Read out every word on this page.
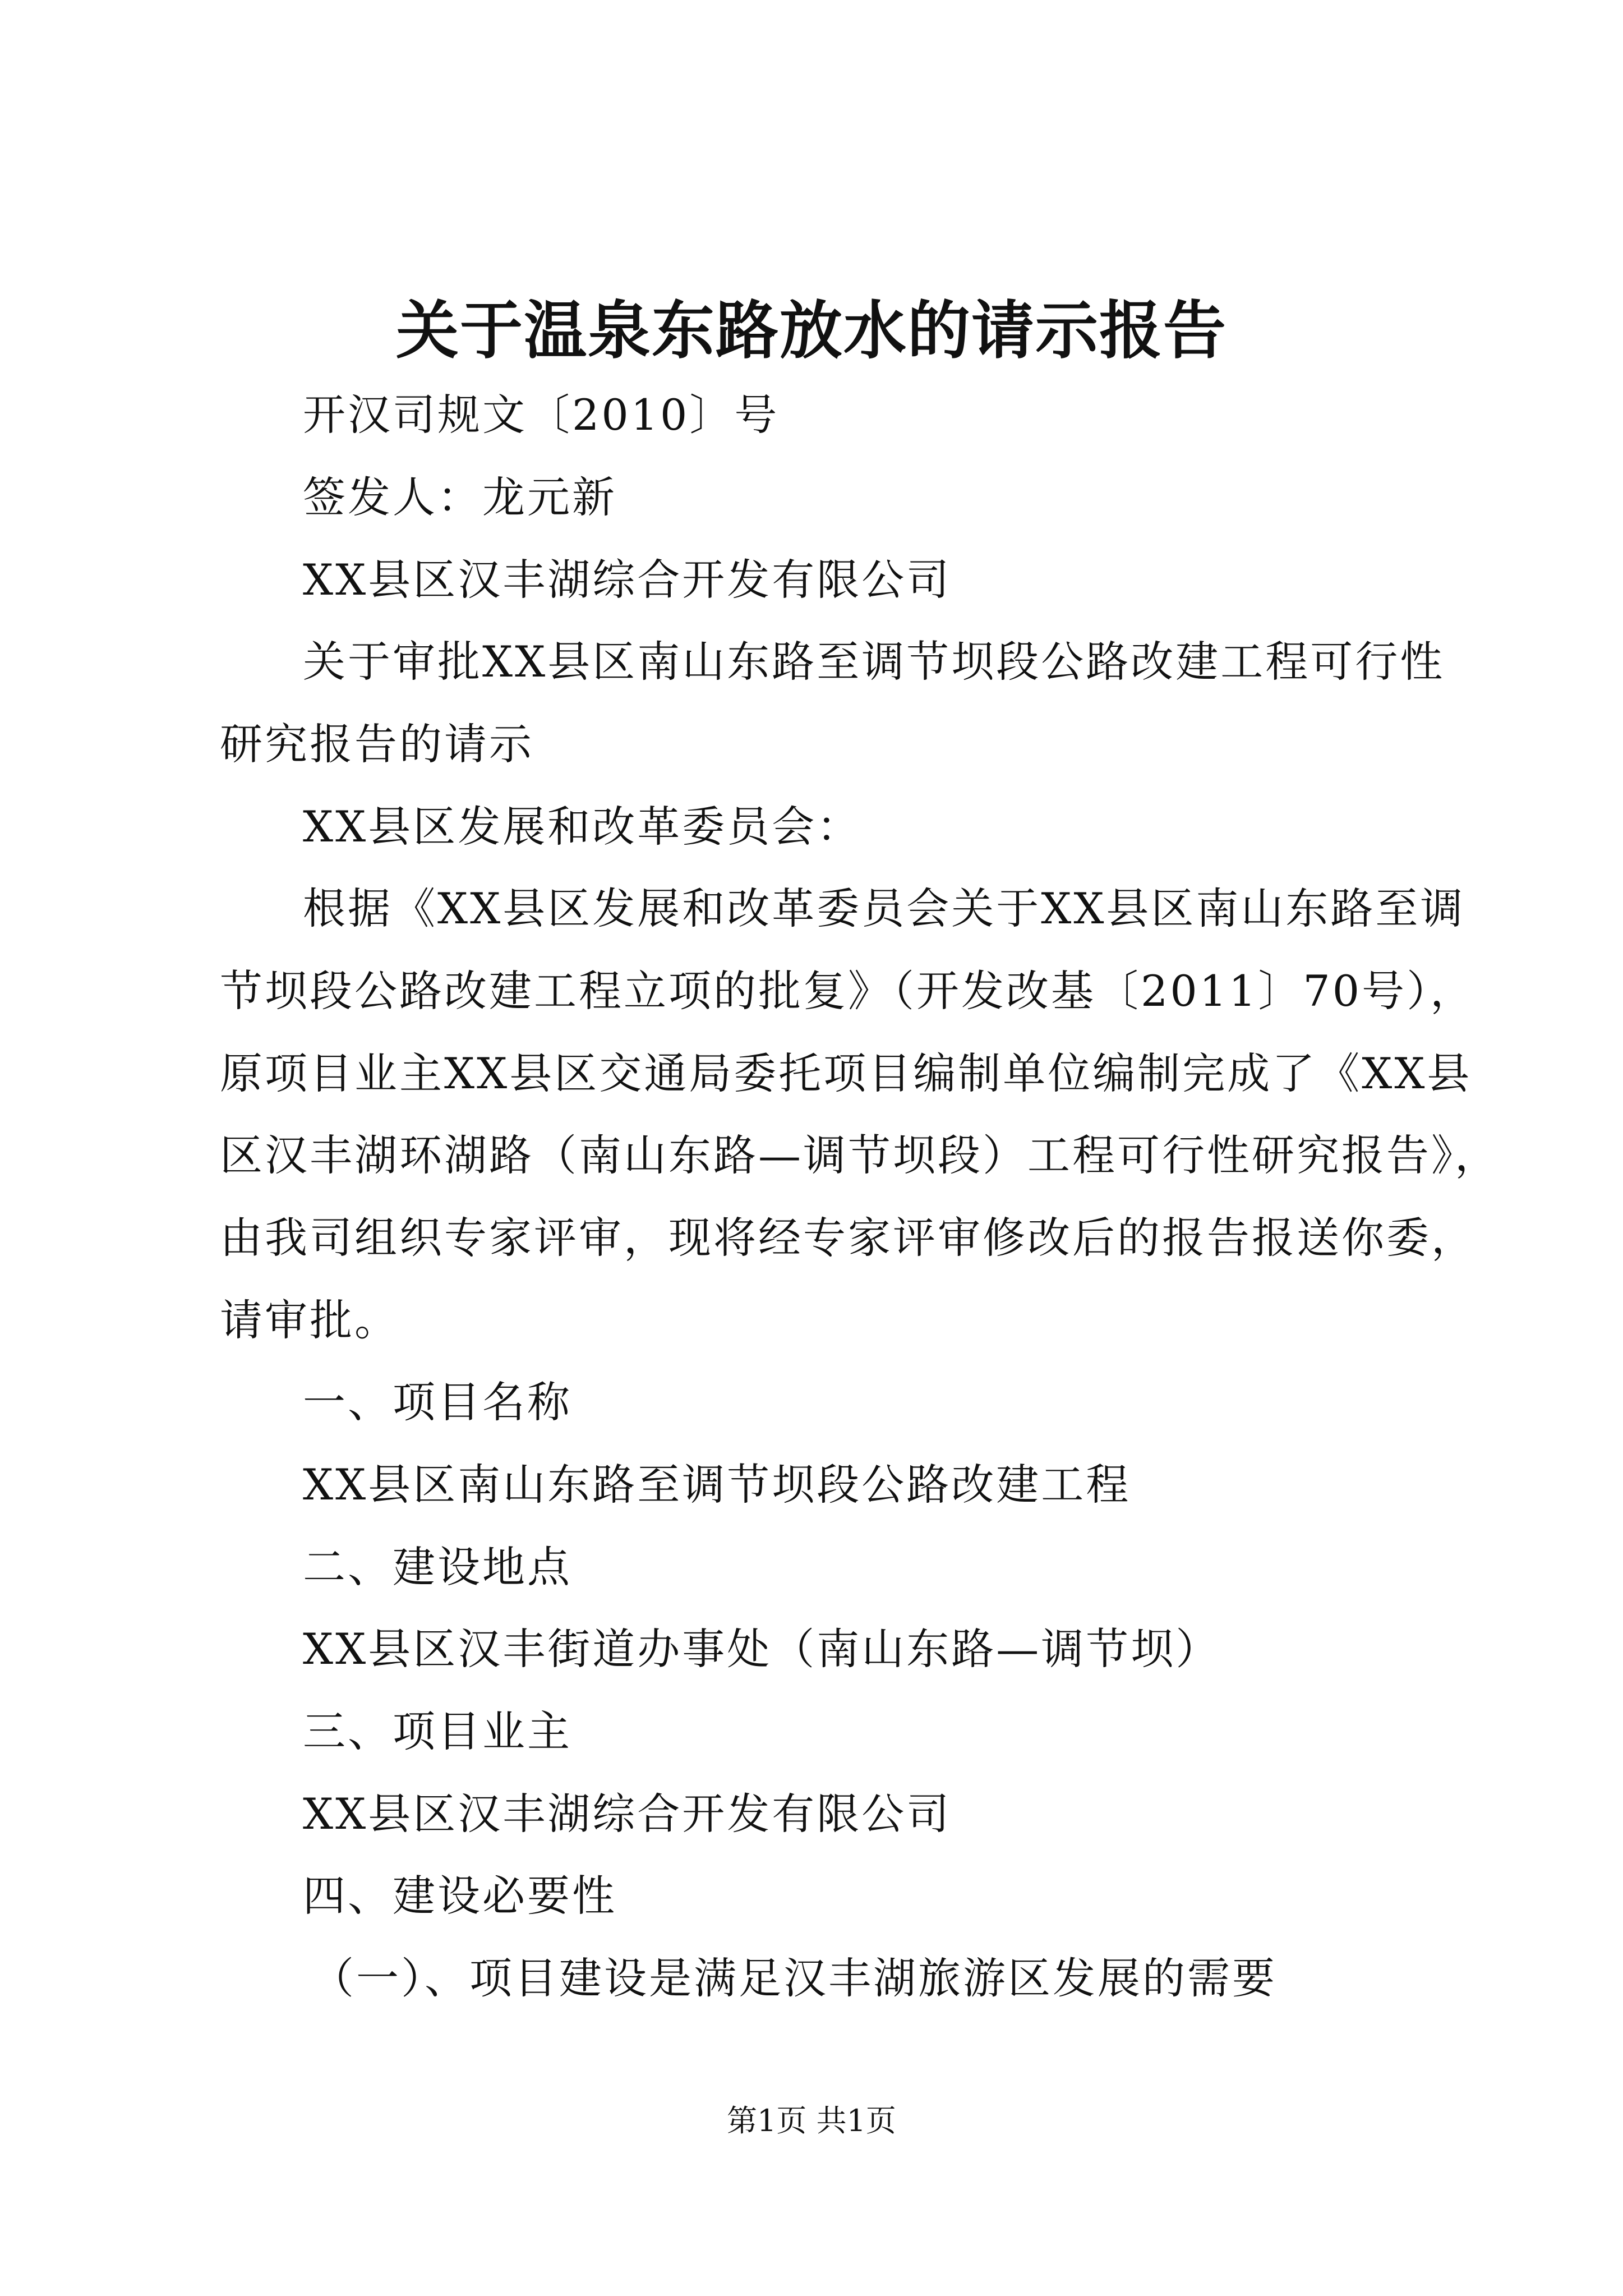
关于温泉东路放水的请示报告

开汉司规文〔2010〕号

签发人：龙元新

XX县区汉丰湖综合开发有限公司

关于审批XX县区南山东路至调节坝段公路改建工程可行性

研究报告的请示

XX县区发展和改革委员会：

根据《XX县区发展和改革委员会关于XX县区南山东路至调

节坝段公路改建工程立项的批复》（开发改基〔2011〕70号），

原项目业主XX县区交通局委托项目编制单位编制完成了《XX县

区汉丰湖环湖路（南山东路—调节坝段）工程可行性研究报告》，

由我司组织专家评审，现将经专家评审修改后的报告报送你委，

请审批。

一、项目名称

XX县区南山东路至调节坝段公路改建工程

二、建设地点

XX县区汉丰街道办事处（南山东路—调节坝）

三、项目业主

XX县区汉丰湖综合开发有限公司

四、建设必要性

（一）、项目建设是满足汉丰湖旅游区发展的需要

第1页 共1页
